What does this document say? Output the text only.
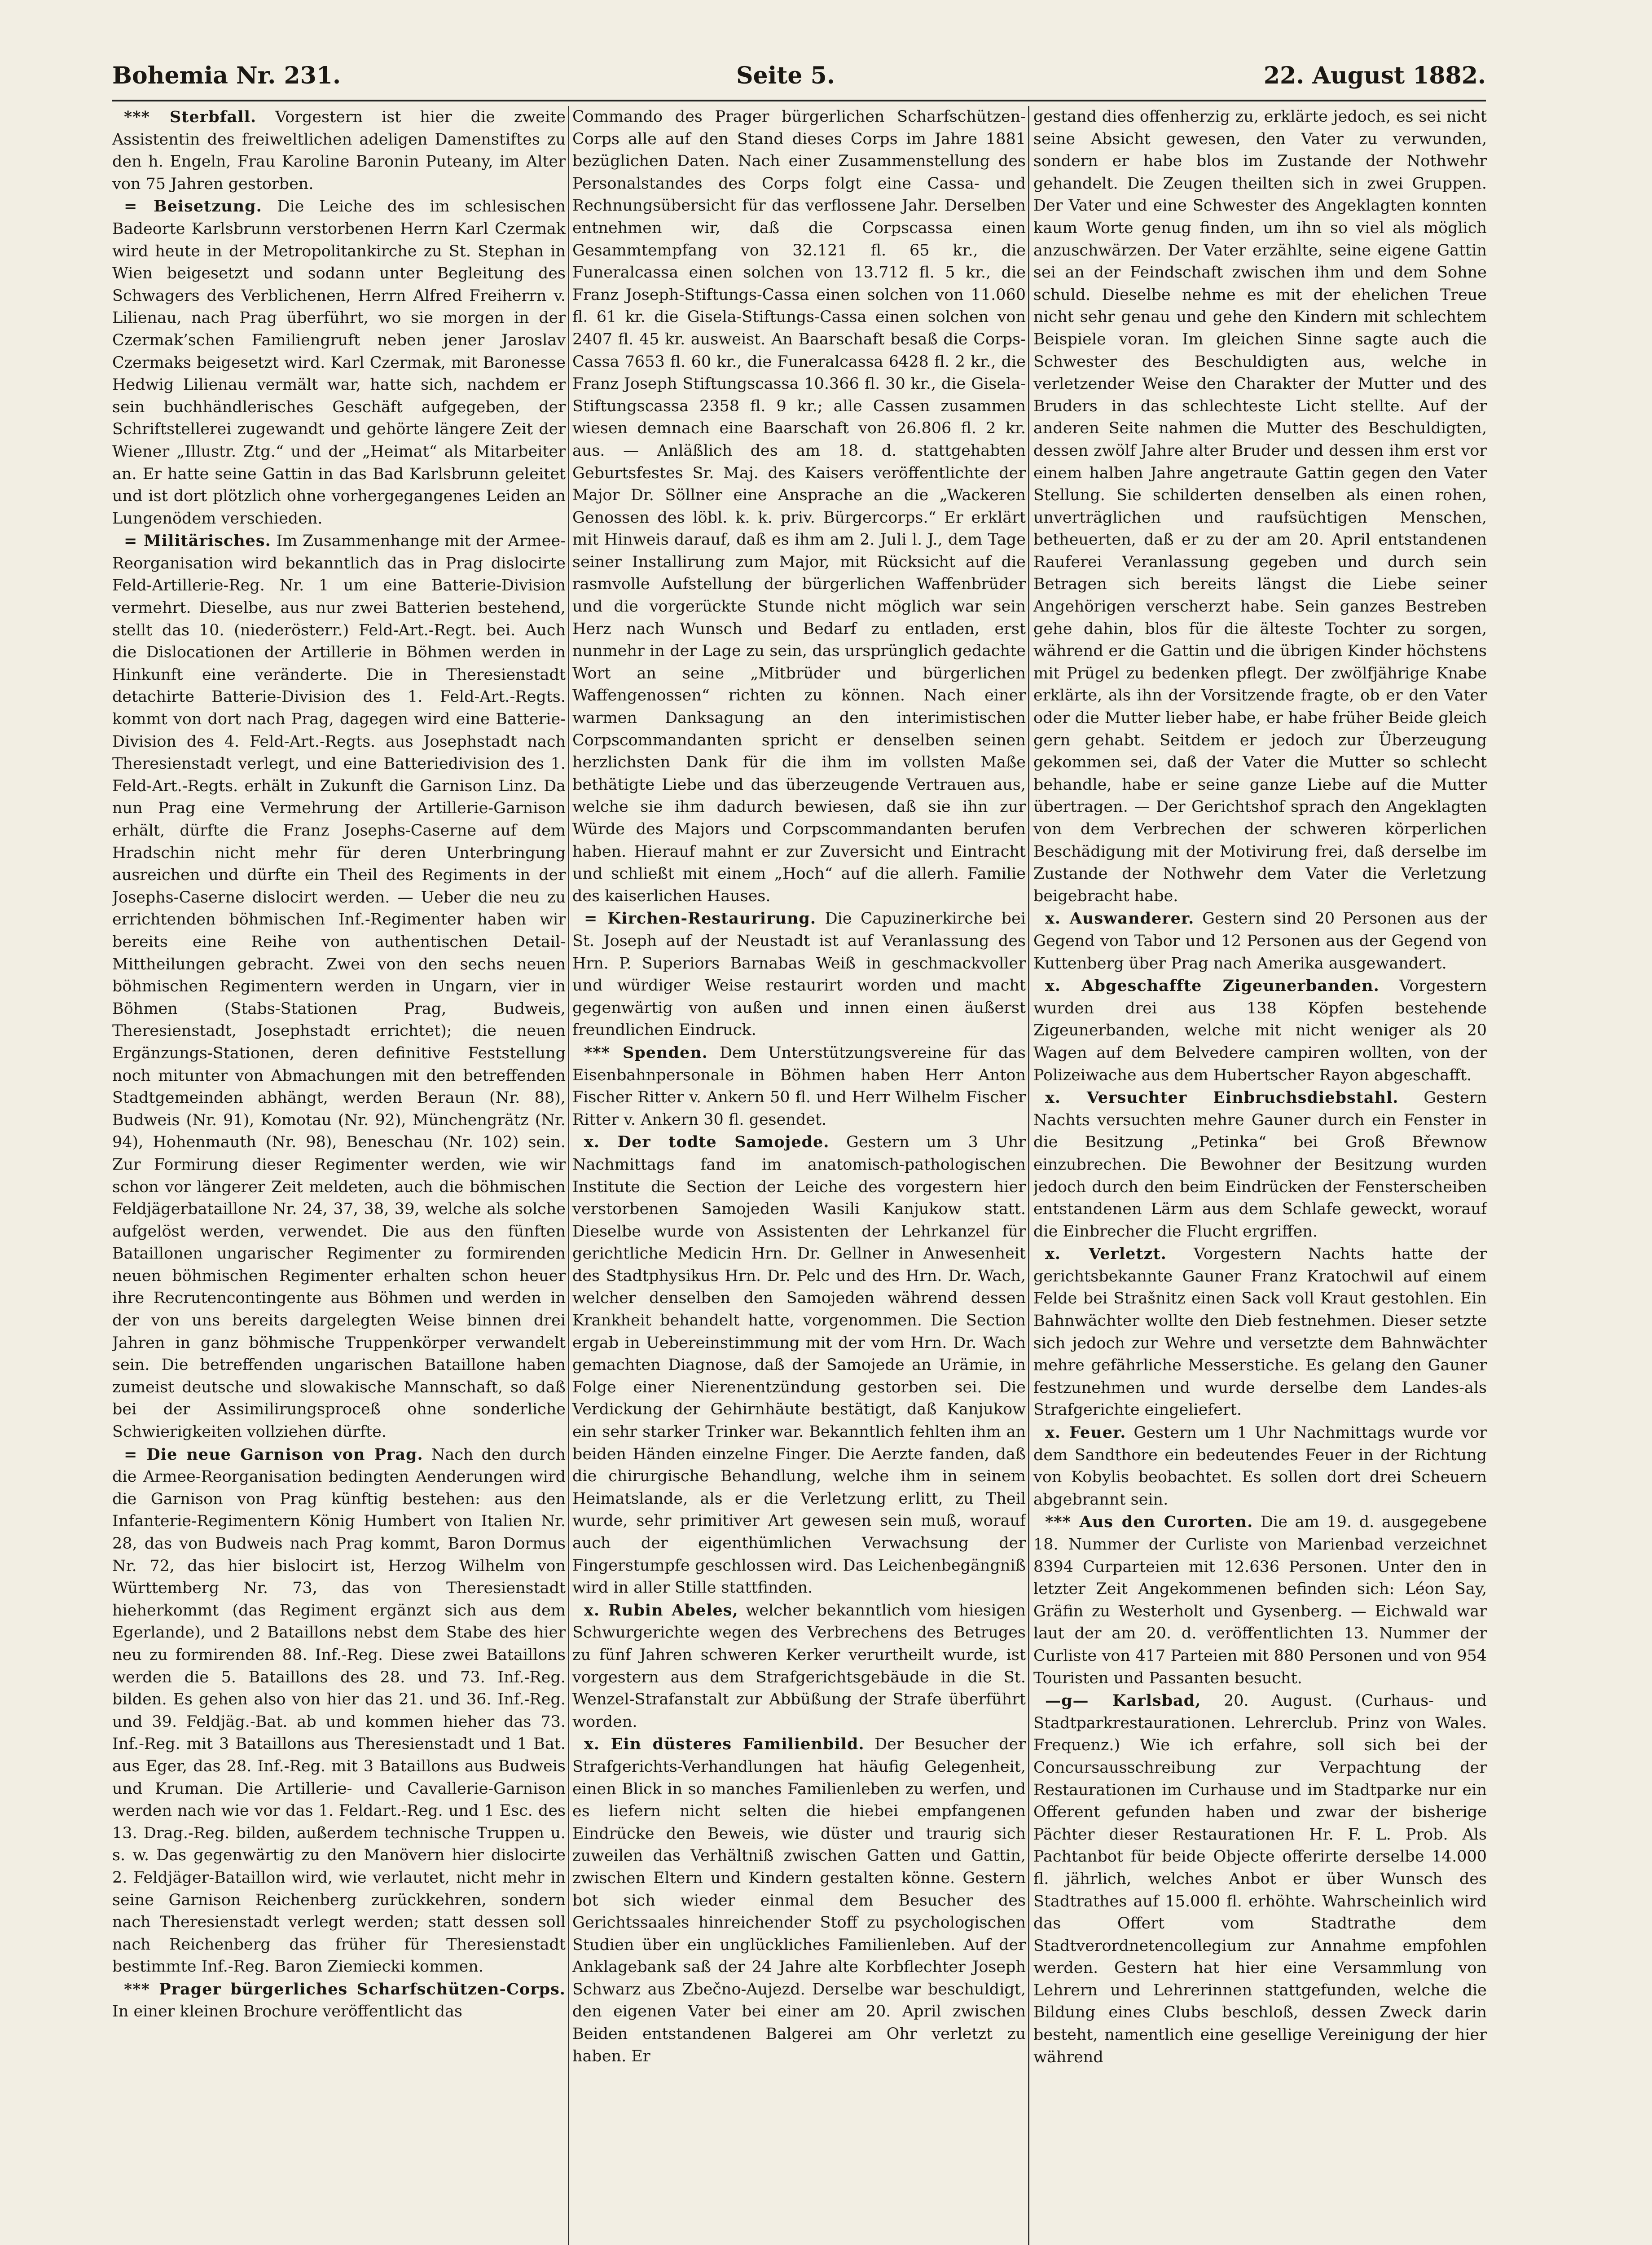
Bohemia Nr. 231.	Seite 5.	22. August 1882.

*** Sterbfall. Vorgestern ist hier die zweite Assistentin des freiweltlichen adeligen Damenstiftes zu den h. Engeln, Frau Karoline Baronin Puteany, im Alter von 75 Jahren gestorben.

= Beisetzung. Die Leiche des im schlesischen Badeorte Karlsbrunn verstorbenen Herrn Karl Czermak wird heute in der Metropolitankirche zu St. Stephan in Wien beigesetzt und sodann unter Begleitung des Schwagers des Verblichenen, Herrn Alfred Freiherrn v. Lilienau, nach Prag überführt, wo sie morgen in der Czermak’schen Familiengruft neben jener Jaroslav Czermaks beigesetzt wird. Karl Czermak, mit Baronesse Hedwig Lilienau vermält war, hatte sich, nachdem er sein buchhändlerisches Geschäft aufgegeben, der Schriftstellerei zugewandt und gehörte längere Zeit der Wiener „Illustr. Ztg.“ und der „Heimat“ als Mitarbeiter an. Er hatte seine Gattin in das Bad Karlsbrunn geleitet und ist dort plötzlich ohne vorhergegangenes Leiden an Lungenödem verschieden.

= Militärisches. Im Zusammenhange mit der Armee-Reorganisation wird bekanntlich das in Prag dislocirte Feld-Artillerie-Reg. Nr. 1 um eine Batterie-Division vermehrt. Dieselbe, aus nur zwei Batterien bestehend, stellt das 10. (niederösterr.) Feld-Art.-Regt. bei. Auch die Dislocationen der Artillerie in Böhmen werden in Hinkunft eine veränderte. Die in Theresienstadt detachirte Batterie-Division des 1. Feld-Art.-Regts. kommt von dort nach Prag, dagegen wird eine Batterie-Division des 4. Feld-Art.-Regts. aus Josephstadt nach Theresienstadt verlegt, und eine Batteriedivision des 1. Feld-Art.-Regts. erhält in Zukunft die Garnison Linz. Da nun Prag eine Vermehrung der Artillerie-Garnison erhält, dürfte die Franz Josephs-Caserne auf dem Hradschin nicht mehr für deren Unterbringung ausreichen und dürfte ein Theil des Regiments in der Josephs-Caserne dislocirt werden. — Ueber die neu zu errichtenden böhmischen Inf.-Regimenter haben wir bereits eine Reihe von authentischen Detail-Mittheilungen gebracht. Zwei von den sechs neuen böhmischen Regimentern werden in Ungarn, vier in Böhmen (Stabs-Stationen Prag, Budweis, Theresienstadt, Josephstadt errichtet); die neuen Ergänzungs-Stationen, deren definitive Feststellung noch mitunter von Abmachungen mit den betreffenden Stadtgemeinden abhängt, werden Beraun (Nr. 88), Budweis (Nr. 91), Komotau (Nr. 92), Münchengrätz (Nr. 94), Hohenmauth (Nr. 98), Beneschau (Nr. 102) sein. Zur Formirung dieser Regimenter werden, wie wir schon vor längerer Zeit meldeten, auch die böhmischen Feldjägerbataillone Nr. 24, 37, 38, 39, welche als solche aufgelöst werden, verwendet. Die aus den fünften Bataillonen ungarischer Regimenter zu formirenden neuen böhmischen Regimenter erhalten schon heuer ihre Recrutencontingente aus Böhmen und werden in der von uns bereits dargelegten Weise binnen drei Jahren in ganz böhmische Truppenkörper verwandelt sein. Die betreffenden ungarischen Bataillone haben zumeist deutsche und slowakische Mannschaft, so daß bei der Assimilirungsproceß ohne sonderliche Schwierigkeiten vollziehen dürfte.

= Die neue Garnison von Prag. Nach den durch die Armee-Reorganisation bedingten Aenderungen wird die Garnison von Prag künftig bestehen: aus den Infanterie-Regimentern König Humbert von Italien Nr. 28, das von Budweis nach Prag kommt, Baron Dormus Nr. 72, das hier bislocirt ist, Herzog Wilhelm von Württemberg Nr. 73, das von Theresienstadt hieherkommt (das Regiment ergänzt sich aus dem Egerlande), und 2 Bataillons nebst dem Stabe des hier neu zu formirenden 88. Inf.-Reg. Diese zwei Bataillons werden die 5. Bataillons des 28. und 73. Inf.-Reg. bilden. Es gehen also von hier das 21. und 36. Inf.-Reg. und 39. Feldjäg.-Bat. ab und kommen hieher das 73. Inf.-Reg. mit 3 Bataillons aus Theresienstadt und 1 Bat. aus Eger, das 28. Inf.-Reg. mit 3 Bataillons aus Budweis und Kruman. Die Artillerie- und Cavallerie-Garnison werden nach wie vor das 1. Feldart.-Reg. und 1 Esc. des 13. Drag.-Reg. bilden, außerdem technische Truppen u. s. w. Das gegenwärtig zu den Manövern hier dislocirte 2. Feldjäger-Bataillon wird, wie verlautet, nicht mehr in seine Garnison Reichenberg zurückkehren, sondern nach Theresienstadt verlegt werden; statt dessen soll nach Reichenberg das früher für Theresienstadt bestimmte Inf.-Reg. Baron Ziemiecki kommen.

*** Prager bürgerliches Scharfschützen-Corps. In einer kleinen Brochure veröffentlicht das

Commando des Prager bürgerlichen Scharfschützen-Corps alle auf den Stand dieses Corps im Jahre 1881 bezüglichen Daten. Nach einer Zusammenstellung des Personalstandes des Corps folgt eine Cassa- und Rechnungsübersicht für das verflossene Jahr. Derselben entnehmen wir, daß die Corpscassa einen Gesammtempfang von 32.121 fl. 65 kr., die Funeralcassa einen solchen von 13.712 fl. 5 kr., die Franz Joseph-Stiftungs-Cassa einen solchen von 11.060 fl. 61 kr. die Gisela-Stiftungs-Cassa einen solchen von 2407 fl. 45 kr. ausweist. An Baarschaft besaß die Corps-Cassa 7653 fl. 60 kr., die Funeralcassa 6428 fl. 2 kr., die Franz Joseph Stiftungscassa 10.366 fl. 30 kr., die Gisela-Stiftungscassa 2358 fl. 9 kr.; alle Cassen zusammen wiesen demnach eine Baarschaft von 26.806 fl. 2 kr. aus. — Anläßlich des am 18. d. stattgehabten Geburtsfestes Sr. Maj. des Kaisers veröffentlichte der Major Dr. Söllner eine Ansprache an die „Wackeren Genossen des löbl. k. k. priv. Bürgercorps.“ Er erklärt mit Hinweis darauf, daß es ihm am 2. Juli l. J., dem Tage seiner Installirung zum Major, mit Rücksicht auf die rasmvolle Aufstellung der bürgerlichen Waffenbrüder und die vorgerückte Stunde nicht möglich war sein Herz nach Wunsch und Bedarf zu entladen, erst nunmehr in der Lage zu sein, das ursprünglich gedachte Wort an seine „Mitbrüder und bürgerlichen Waffengenossen“ richten zu können. Nach einer warmen Danksagung an den interimistischen Corpscommandanten spricht er denselben seinen herzlichsten Dank für die ihm im vollsten Maße bethätigte Liebe und das überzeugende Vertrauen aus, welche sie ihm dadurch bewiesen, daß sie ihn zur Würde des Majors und Corpscommandanten berufen haben. Hierauf mahnt er zur Zuversicht und Eintracht und schließt mit einem „Hoch“ auf die allerh. Familie des kaiserlichen Hauses.

= Kirchen-Restaurirung. Die Capuzinerkirche bei St. Joseph auf der Neustadt ist auf Veranlassung des Hrn. P. Superiors Barnabas Weiß in geschmackvoller und würdiger Weise restaurirt worden und macht gegenwärtig von außen und innen einen äußerst freundlichen Eindruck.

*** Spenden. Dem Unterstützungsvereine für das Eisenbahnpersonale in Böhmen haben Herr Anton Fischer Ritter v. Ankern 50 fl. und Herr Wilhelm Fischer Ritter v. Ankern 30 fl. gesendet.

x. Der todte Samojede. Gestern um 3 Uhr Nachmittags fand im anatomisch-pathologischen Institute die Section der Leiche des vorgestern hier verstorbenen Samojeden Wasili Kanjukow statt. Dieselbe wurde von Assistenten der Lehrkanzel für gerichtliche Medicin Hrn. Dr. Gellner in Anwesenheit des Stadtphysikus Hrn. Dr. Pelc und des Hrn. Dr. Wach, welcher denselben den Samojeden während dessen Krankheit behandelt hatte, vorgenommen. Die Section ergab in Uebereinstimmung mit der vom Hrn. Dr. Wach gemachten Diagnose, daß der Samojede an Urämie, in Folge einer Nierenentzündung gestorben sei. Die Verdickung der Gehirnhäute bestätigt, daß Kanjukow ein sehr starker Trinker war. Bekanntlich fehlten ihm an beiden Händen einzelne Finger. Die Aerzte fanden, daß die chirurgische Behandlung, welche ihm in seinem Heimatslande, als er die Verletzung erlitt, zu Theil wurde, sehr primitiver Art gewesen sein muß, worauf auch der eigenthümlichen Verwachsung der Fingerstumpfe geschlossen wird. Das Leichenbegängniß wird in aller Stille stattfinden.

x. Rubin Abeles, welcher bekanntlich vom hiesigen Schwurgerichte wegen des Verbrechens des Betruges zu fünf Jahren schweren Kerker verurtheilt wurde, ist vorgestern aus dem Strafgerichtsgebäude in die St. Wenzel-Strafanstalt zur Abbüßung der Strafe überführt worden.

x. Ein düsteres Familienbild. Der Besucher der Strafgerichts-Verhandlungen hat häufig Gelegenheit, einen Blick in so manches Familienleben zu werfen, und es liefern nicht selten die hiebei empfangenen Eindrücke den Beweis, wie düster und traurig sich zuweilen das Verhältniß zwischen Gatten und Gattin, zwischen Eltern und Kindern gestalten könne. Gestern bot sich wieder einmal dem Besucher des Gerichtssaales hinreichender Stoff zu psychologischen Studien über ein unglückliches Familienleben. Auf der Anklagebank saß der 24 Jahre alte Korbflechter Joseph Schwarz aus Zbečno-Aujezd. Derselbe war beschuldigt, den eigenen Vater bei einer am 20. April zwischen Beiden entstandenen Balgerei am Ohr verletzt zu haben. Er

gestand dies offenherzig zu, erklärte jedoch, es sei nicht seine Absicht gewesen, den Vater zu verwunden, sondern er habe blos im Zustande der Nothwehr gehandelt. Die Zeugen theilten sich in zwei Gruppen. Der Vater und eine Schwester des Angeklagten konnten kaum Worte genug finden, um ihn so viel als möglich anzuschwärzen. Der Vater erzählte, seine eigene Gattin sei an der Feindschaft zwischen ihm und dem Sohne schuld. Dieselbe nehme es mit der ehelichen Treue nicht sehr genau und gehe den Kindern mit schlechtem Beispiele voran. Im gleichen Sinne sagte auch die Schwester des Beschuldigten aus, welche in verletzender Weise den Charakter der Mutter und des Bruders in das schlechteste Licht stellte. Auf der anderen Seite nahmen die Mutter des Beschuldigten, dessen zwölf Jahre alter Bruder und dessen ihm erst vor einem halben Jahre angetraute Gattin gegen den Vater Stellung. Sie schilderten denselben als einen rohen, unverträglichen und raufsüchtigen Menschen, betheuerten, daß er zu der am 20. April entstandenen Rauferei Veranlassung gegeben und durch sein Betragen sich bereits längst die Liebe seiner Angehörigen verscherzt habe. Sein ganzes Bestreben gehe dahin, blos für die älteste Tochter zu sorgen, während er die Gattin und die übrigen Kinder höchstens mit Prügel zu bedenken pflegt. Der zwölfjährige Knabe erklärte, als ihn der Vorsitzende fragte, ob er den Vater oder die Mutter lieber habe, er habe früher Beide gleich gern gehabt. Seitdem er jedoch zur Überzeugung gekommen sei, daß der Vater die Mutter so schlecht behandle, habe er seine ganze Liebe auf die Mutter übertragen. — Der Gerichtshof sprach den Angeklagten von dem Verbrechen der schweren körperlichen Beschädigung mit der Motivirung frei, daß derselbe im Zustande der Nothwehr dem Vater die Verletzung beigebracht habe.

x. Auswanderer. Gestern sind 20 Personen aus der Gegend von Tabor und 12 Personen aus der Gegend von Kuttenberg über Prag nach Amerika ausgewandert.

x. Abgeschaffte Zigeunerbanden. Vorgestern wurden drei aus 138 Köpfen bestehende Zigeunerbanden, welche mit nicht weniger als 20 Wagen auf dem Belvedere campiren wollten, von der Polizeiwache aus dem Hubertscher Rayon abgeschafft.

x. Versuchter Einbruchsdiebstahl. Gestern Nachts versuchten mehre Gauner durch ein Fenster in die Besitzung „Petinka“ bei Groß Břewnow einzubrechen. Die Bewohner der Besitzung wurden jedoch durch den beim Eindrücken der Fensterscheiben entstandenen Lärm aus dem Schlafe geweckt, worauf die Einbrecher die Flucht ergriffen.

x. Verletzt. Vorgestern Nachts hatte der gerichtsbekannte Gauner Franz Kratochwil auf einem Felde bei Strašnitz einen Sack voll Kraut gestohlen. Ein Bahnwächter wollte den Dieb festnehmen. Dieser setzte sich jedoch zur Wehre und versetzte dem Bahnwächter mehre gefährliche Messerstiche. Es gelang den Gauner festzunehmen und wurde derselbe dem Landes-als Strafgerichte eingeliefert.

x. Feuer. Gestern um 1 Uhr Nachmittags wurde vor dem Sandthore ein bedeutendes Feuer in der Richtung von Kobylis beobachtet. Es sollen dort drei Scheuern abgebrannt sein.

*** Aus den Curorten. Die am 19. d. ausgegebene 18. Nummer der Curliste von Marienbad verzeichnet 8394 Curparteien mit 12.636 Personen. Unter den in letzter Zeit Angekommenen befinden sich: Léon Say, Gräfin zu Westerholt und Gysenberg. — Eichwald war laut der am 20. d. veröffentlichten 13. Nummer der Curliste von 417 Parteien mit 880 Personen und von 954 Touristen und Passanten besucht.

—g— Karlsbad, 20. August. (Curhaus- und Stadtparkrestaurationen. Lehrerclub. Prinz von Wales. Frequenz.) Wie ich erfahre, soll sich bei der Concursausschreibung zur Verpachtung der Restaurationen im Curhause und im Stadtparke nur ein Offerent gefunden haben und zwar der bisherige Pächter dieser Restaurationen Hr. F. L. Prob. Als Pachtanbot für beide Objecte offerirte derselbe 14.000 fl. jährlich, welches Anbot er über Wunsch des Stadtrathes auf 15.000 fl. erhöhte. Wahrscheinlich wird das Offert vom Stadtrathe dem Stadtverordnetencollegium zur Annahme empfohlen werden. Gestern hat hier eine Versammlung von Lehrern und Lehrerinnen stattgefunden, welche die Bildung eines Clubs beschloß, dessen Zweck darin besteht, namentlich eine gesellige Vereinigung der hier während
